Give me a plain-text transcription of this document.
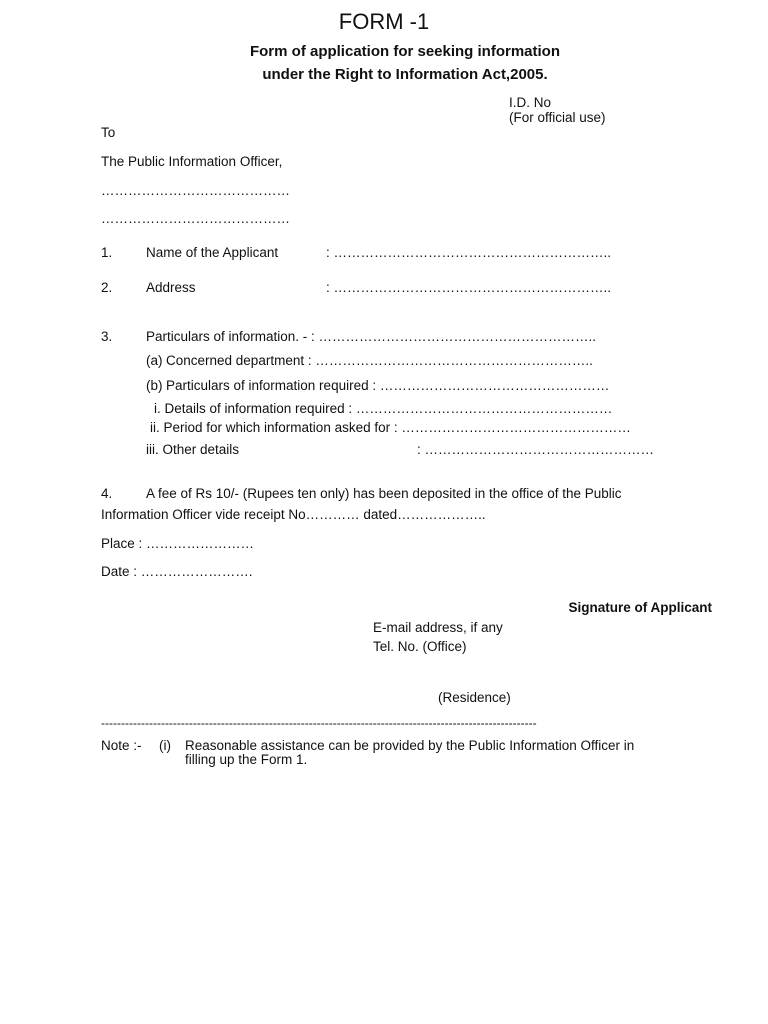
FORM -1
Form of application for seeking information
under the Right to Information Act,2005.
I.D. No
(For official use)
To
The Public Information Officer,
……………………………………
……………………………………
1. Name of the Applicant	: ……………………………………………………..
2. Address	: ……………………………………………………..
3. Particulars of information. - : ……………………………………………………..
(a) Concerned department : ……………………………………………………..
(b) Particulars of information required : ……………………………………………
i. Details of information required : …………………………………………………
ii. Period for which information asked for : ……………………………………………
iii. Other details	: ……………………………………………
4. A fee of Rs 10/- (Rupees ten only) has been deposited in the office of the Public
Information Officer vide receipt No………… dated………………..
Place : ……………………
Date : …………………….
Signature of Applicant
E-mail address, if any
Tel. No. (Office)
(Residence)
-------------------------------------------------------------------------------------------------------------
Note :- (i) Reasonable assistance can be provided by the Public Information Officer in
filling up the Form 1.
